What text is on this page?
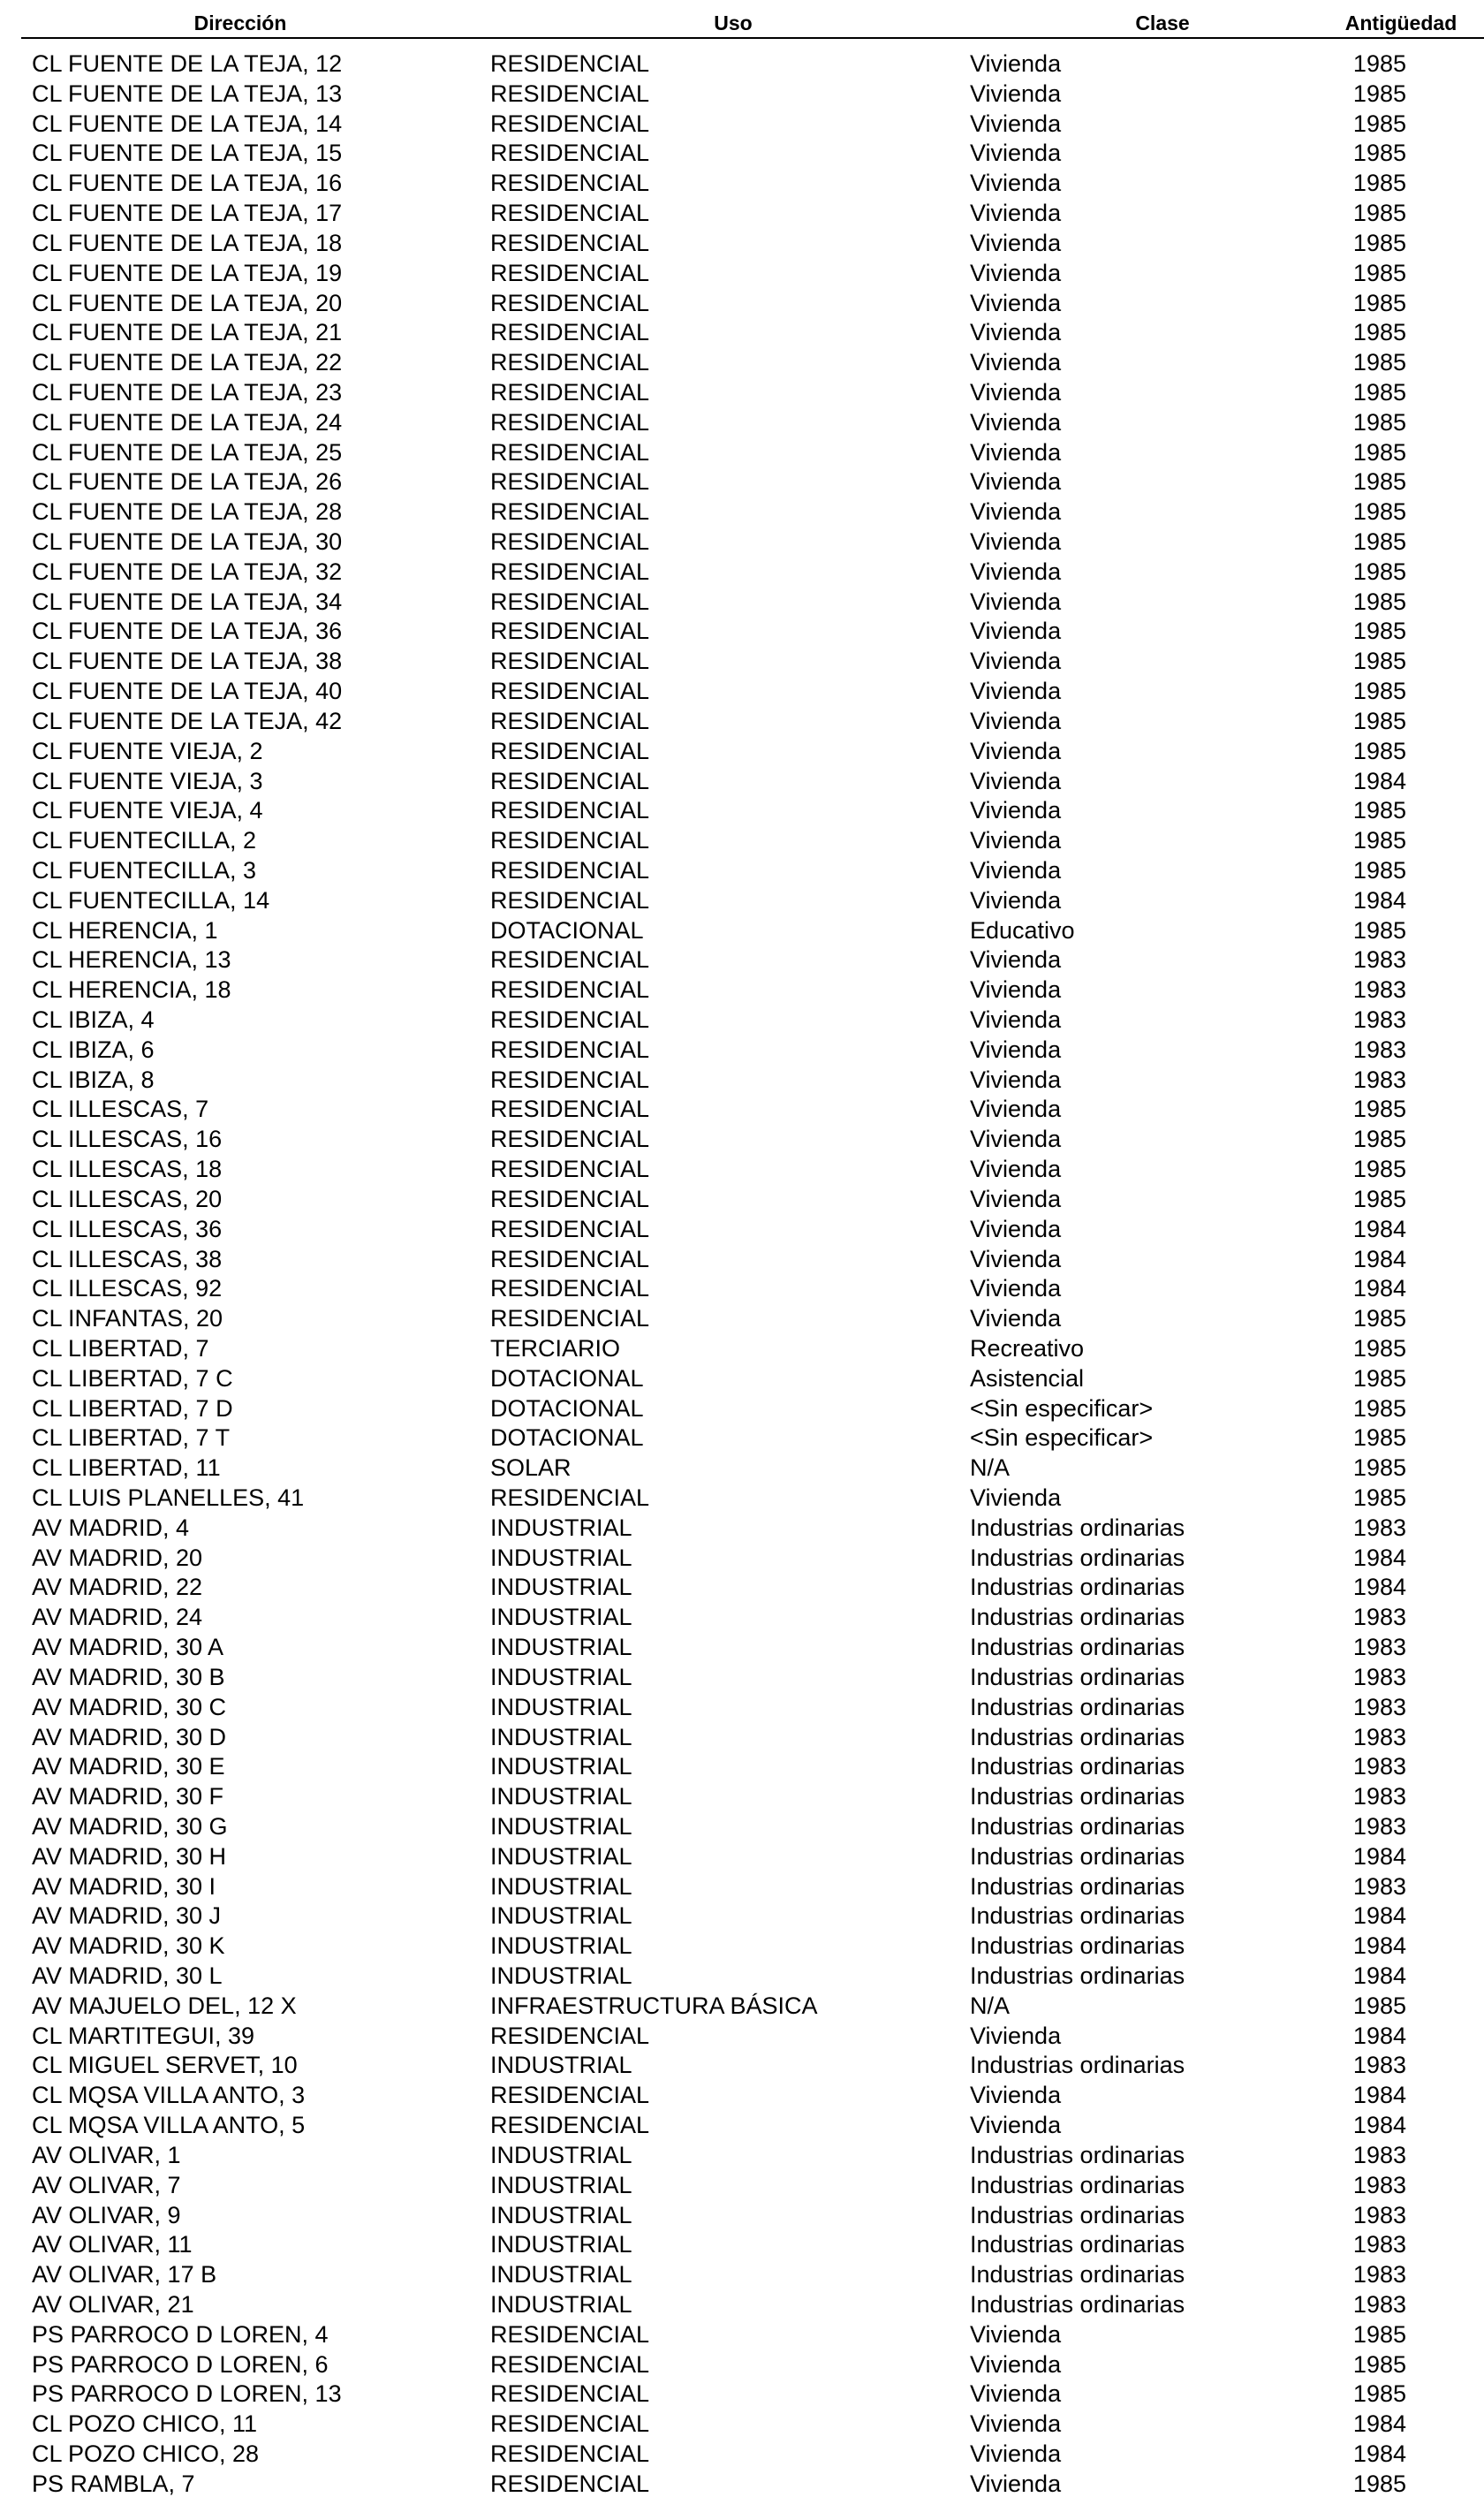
Dirección	Uso	Clase	Antigüedad
CL FUENTE DE LA TEJA, 12	RESIDENCIAL	Vivienda	1985
CL FUENTE DE LA TEJA, 13	RESIDENCIAL	Vivienda	1985
CL FUENTE DE LA TEJA, 14	RESIDENCIAL	Vivienda	1985
CL FUENTE DE LA TEJA, 15	RESIDENCIAL	Vivienda	1985
CL FUENTE DE LA TEJA, 16	RESIDENCIAL	Vivienda	1985
CL FUENTE DE LA TEJA, 17	RESIDENCIAL	Vivienda	1985
CL FUENTE DE LA TEJA, 18	RESIDENCIAL	Vivienda	1985
CL FUENTE DE LA TEJA, 19	RESIDENCIAL	Vivienda	1985
CL FUENTE DE LA TEJA, 20	RESIDENCIAL	Vivienda	1985
CL FUENTE DE LA TEJA, 21	RESIDENCIAL	Vivienda	1985
CL FUENTE DE LA TEJA, 22	RESIDENCIAL	Vivienda	1985
CL FUENTE DE LA TEJA, 23	RESIDENCIAL	Vivienda	1985
CL FUENTE DE LA TEJA, 24	RESIDENCIAL	Vivienda	1985
CL FUENTE DE LA TEJA, 25	RESIDENCIAL	Vivienda	1985
CL FUENTE DE LA TEJA, 26	RESIDENCIAL	Vivienda	1985
CL FUENTE DE LA TEJA, 28	RESIDENCIAL	Vivienda	1985
CL FUENTE DE LA TEJA, 30	RESIDENCIAL	Vivienda	1985
CL FUENTE DE LA TEJA, 32	RESIDENCIAL	Vivienda	1985
CL FUENTE DE LA TEJA, 34	RESIDENCIAL	Vivienda	1985
CL FUENTE DE LA TEJA, 36	RESIDENCIAL	Vivienda	1985
CL FUENTE DE LA TEJA, 38	RESIDENCIAL	Vivienda	1985
CL FUENTE DE LA TEJA, 40	RESIDENCIAL	Vivienda	1985
CL FUENTE DE LA TEJA, 42	RESIDENCIAL	Vivienda	1985
CL FUENTE VIEJA, 2	RESIDENCIAL	Vivienda	1985
CL FUENTE VIEJA, 3	RESIDENCIAL	Vivienda	1984
CL FUENTE VIEJA, 4	RESIDENCIAL	Vivienda	1985
CL FUENTECILLA, 2	RESIDENCIAL	Vivienda	1985
CL FUENTECILLA, 3	RESIDENCIAL	Vivienda	1985
CL FUENTECILLA, 14	RESIDENCIAL	Vivienda	1984
CL HERENCIA, 1	DOTACIONAL	Educativo	1985
CL HERENCIA, 13	RESIDENCIAL	Vivienda	1983
CL HERENCIA, 18	RESIDENCIAL	Vivienda	1983
CL IBIZA, 4	RESIDENCIAL	Vivienda	1983
CL IBIZA, 6	RESIDENCIAL	Vivienda	1983
CL IBIZA, 8	RESIDENCIAL	Vivienda	1983
CL ILLESCAS, 7	RESIDENCIAL	Vivienda	1985
CL ILLESCAS, 16	RESIDENCIAL	Vivienda	1985
CL ILLESCAS, 18	RESIDENCIAL	Vivienda	1985
CL ILLESCAS, 20	RESIDENCIAL	Vivienda	1985
CL ILLESCAS, 36	RESIDENCIAL	Vivienda	1984
CL ILLESCAS, 38	RESIDENCIAL	Vivienda	1984
CL ILLESCAS, 92	RESIDENCIAL	Vivienda	1984
CL INFANTAS, 20	RESIDENCIAL	Vivienda	1985
CL LIBERTAD, 7	TERCIARIO	Recreativo	1985
CL LIBERTAD, 7 C	DOTACIONAL	Asistencial	1985
CL LIBERTAD, 7 D	DOTACIONAL	<Sin especificar>	1985
CL LIBERTAD, 7 T	DOTACIONAL	<Sin especificar>	1985
CL LIBERTAD, 11	SOLAR	N/A	1985
CL LUIS PLANELLES, 41	RESIDENCIAL	Vivienda	1985
AV MADRID, 4	INDUSTRIAL	Industrias ordinarias	1983
AV MADRID, 20	INDUSTRIAL	Industrias ordinarias	1984
AV MADRID, 22	INDUSTRIAL	Industrias ordinarias	1984
AV MADRID, 24	INDUSTRIAL	Industrias ordinarias	1983
AV MADRID, 30 A	INDUSTRIAL	Industrias ordinarias	1983
AV MADRID, 30 B	INDUSTRIAL	Industrias ordinarias	1983
AV MADRID, 30 C	INDUSTRIAL	Industrias ordinarias	1983
AV MADRID, 30 D	INDUSTRIAL	Industrias ordinarias	1983
AV MADRID, 30 E	INDUSTRIAL	Industrias ordinarias	1983
AV MADRID, 30 F	INDUSTRIAL	Industrias ordinarias	1983
AV MADRID, 30 G	INDUSTRIAL	Industrias ordinarias	1983
AV MADRID, 30 H	INDUSTRIAL	Industrias ordinarias	1984
AV MADRID, 30 I	INDUSTRIAL	Industrias ordinarias	1983
AV MADRID, 30 J	INDUSTRIAL	Industrias ordinarias	1984
AV MADRID, 30 K	INDUSTRIAL	Industrias ordinarias	1984
AV MADRID, 30 L	INDUSTRIAL	Industrias ordinarias	1984
AV MAJUELO DEL, 12 X	INFRAESTRUCTURA BÁSICA	N/A	1985
CL MARTITEGUI, 39	RESIDENCIAL	Vivienda	1984
CL MIGUEL SERVET, 10	INDUSTRIAL	Industrias ordinarias	1983
CL MQSA VILLA ANTO, 3	RESIDENCIAL	Vivienda	1984
CL MQSA VILLA ANTO, 5	RESIDENCIAL	Vivienda	1984
AV OLIVAR, 1	INDUSTRIAL	Industrias ordinarias	1983
AV OLIVAR, 7	INDUSTRIAL	Industrias ordinarias	1983
AV OLIVAR, 9	INDUSTRIAL	Industrias ordinarias	1983
AV OLIVAR, 11	INDUSTRIAL	Industrias ordinarias	1983
AV OLIVAR, 17 B	INDUSTRIAL	Industrias ordinarias	1983
AV OLIVAR, 21	INDUSTRIAL	Industrias ordinarias	1983
PS PARROCO D LOREN, 4	RESIDENCIAL	Vivienda	1985
PS PARROCO D LOREN, 6	RESIDENCIAL	Vivienda	1985
PS PARROCO D LOREN, 13	RESIDENCIAL	Vivienda	1985
CL POZO CHICO, 11	RESIDENCIAL	Vivienda	1984
CL POZO CHICO, 28	RESIDENCIAL	Vivienda	1984
PS RAMBLA, 7	RESIDENCIAL	Vivienda	1985
